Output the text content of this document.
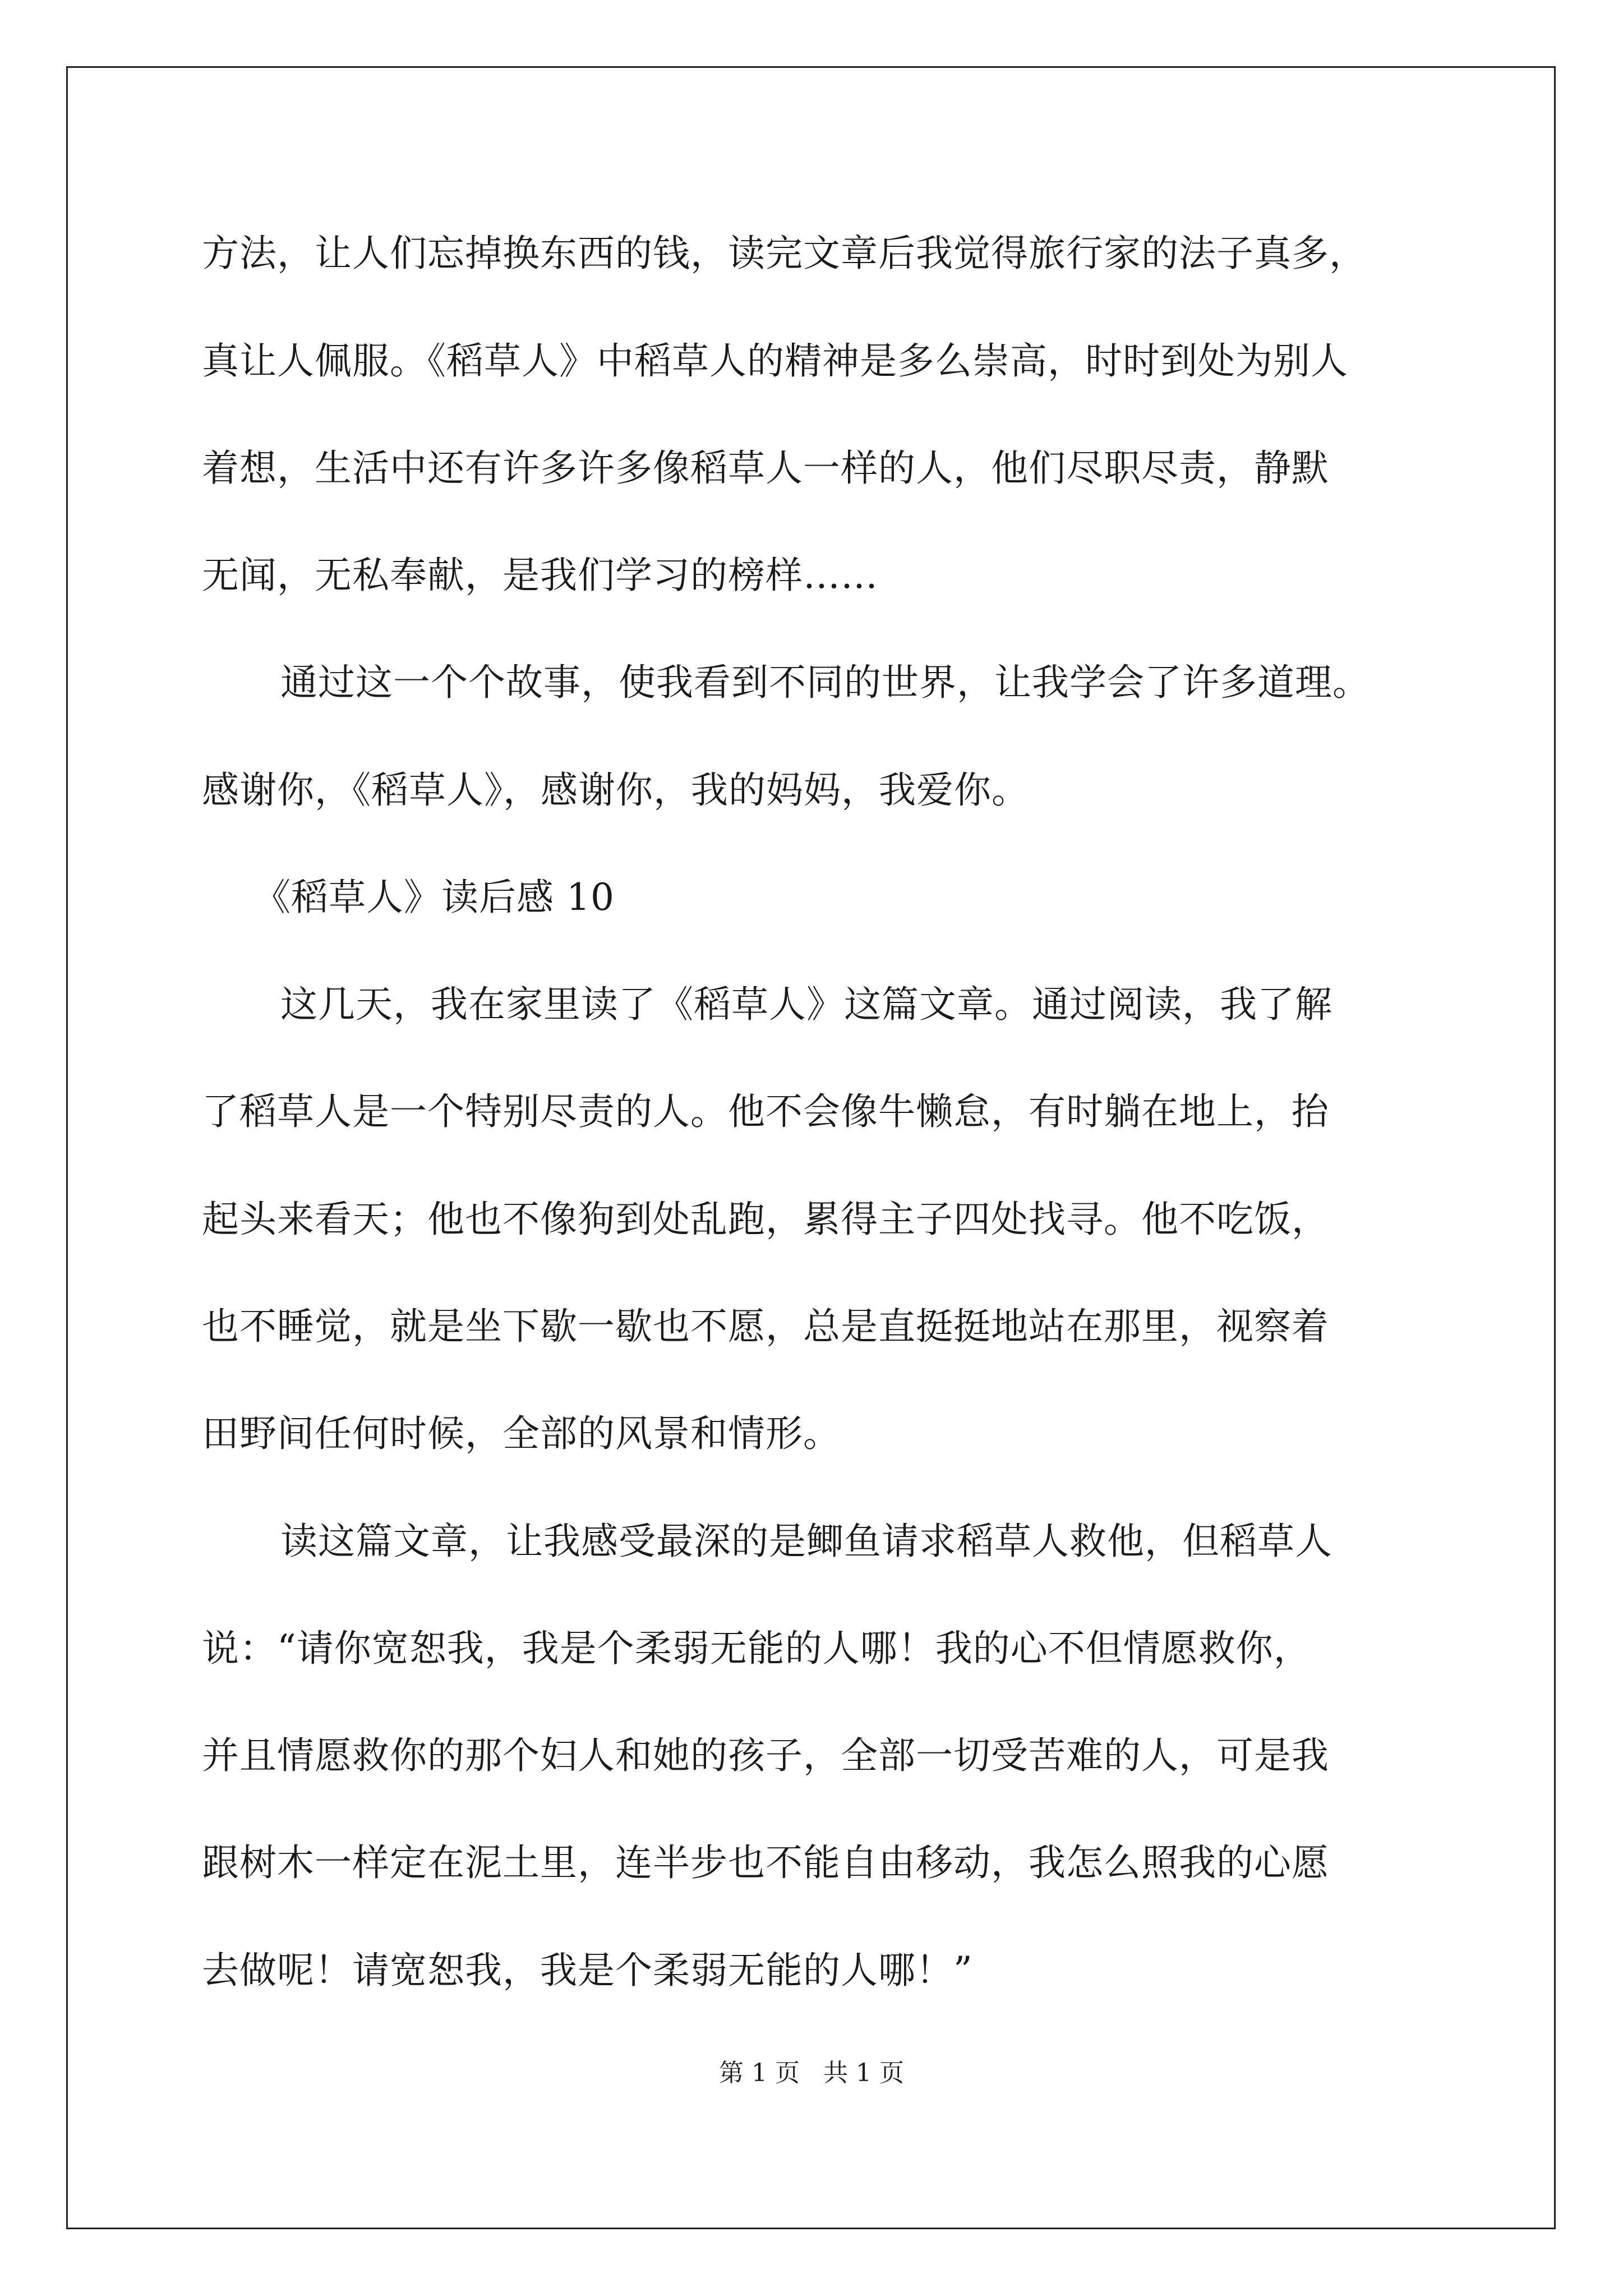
方法，让人们忘掉换东西的钱，读完文章后我觉得旅行家的法子真多，
真让人佩服。《稻草人》中稻草人的精神是多么崇高，时时到处为别人
着想，生活中还有许多许多像稻草人一样的人，他们尽职尽责，静默
无闻，无私奉献，是我们学习的榜样……
通过这一个个故事，使我看到不同的世界，让我学会了许多道理。
感谢你，《稻草人》，感谢你，我的妈妈，我爱你。
《稻草人》读后感 10
这几天，我在家里读了《稻草人》这篇文章。通过阅读，我了解
了稻草人是一个特别尽责的人。他不会像牛懒怠，有时躺在地上，抬
起头来看天；他也不像狗到处乱跑，累得主子四处找寻。他不吃饭，
也不睡觉，就是坐下歇一歇也不愿，总是直挺挺地站在那里，视察着
田野间任何时候，全部的风景和情形。
读这篇文章，让我感受最深的是鲫鱼请求稻草人救他，但稻草人
说：“请你宽恕我，我是个柔弱无能的人哪！我的心不但情愿救你，
并且情愿救你的那个妇人和她的孩子，全部一切受苦难的人，可是我
跟树木一样定在泥土里，连半步也不能自由移动，我怎么照我的心愿
去做呢！请宽恕我，我是个柔弱无能的人哪！”
第 1 页   共 1 页
